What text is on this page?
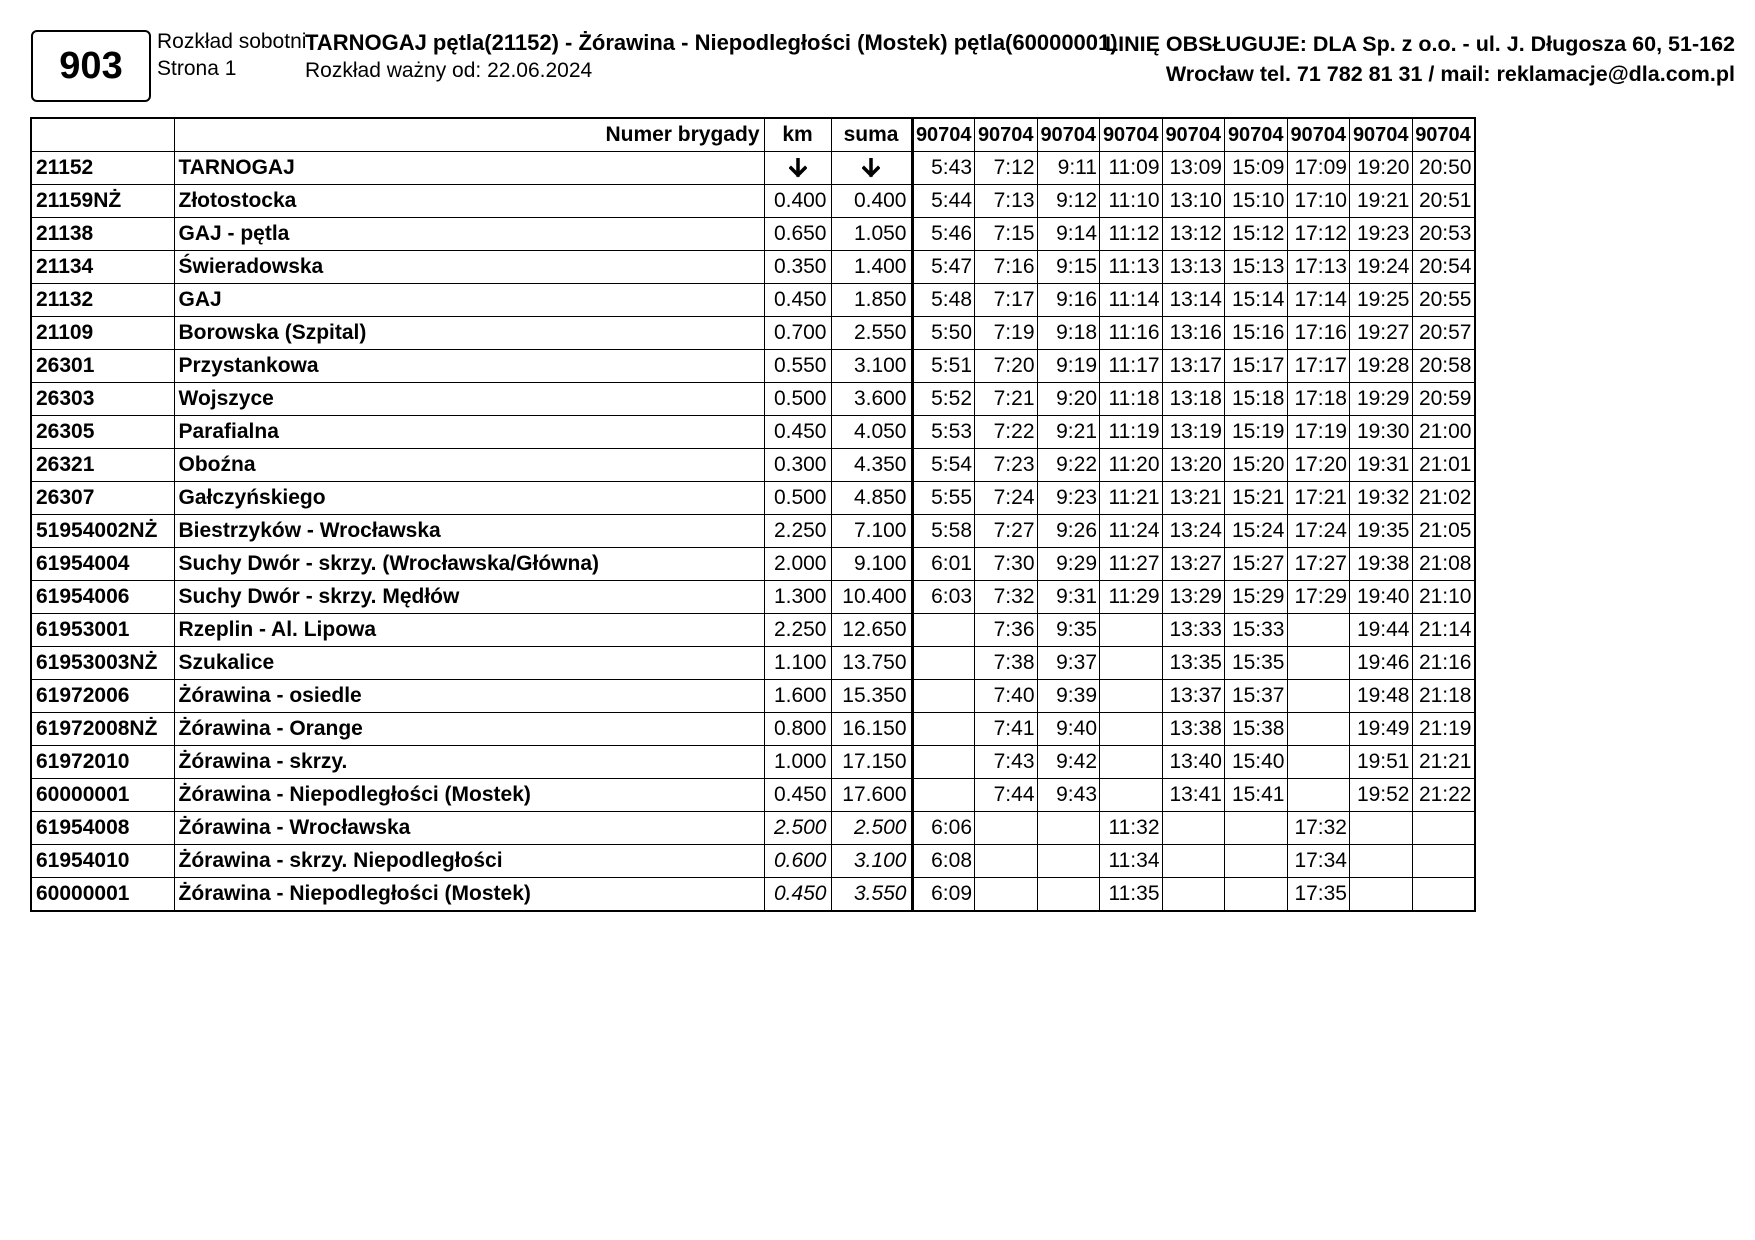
903
Rozkład sobotni
Strona 1
TARNOGAJ pętla(21152) - Żórawina - Niepodległości (Mostek) pętla(60000001)
Rozkład ważny od: 22.06.2024
LINIĘ OBSŁUGUJE: DLA Sp. z o.o. - ul. J. Długosza 60, 51-162
Wrocław tel. 71 782 81 31 / mail: reklamacje@dla.com.pl
	Numer brygady	km	suma	90704	90704	90704	90704	90704	90704	90704	90704	90704
21152	TARNOGAJ			5:43	7:12	9:11	11:09	13:09	15:09	17:09	19:20	20:50
21159NŻ	Złotostocka	0.400	0.400	5:44	7:13	9:12	11:10	13:10	15:10	17:10	19:21	20:51
21138	GAJ - pętla	0.650	1.050	5:46	7:15	9:14	11:12	13:12	15:12	17:12	19:23	20:53
21134	Świeradowska	0.350	1.400	5:47	7:16	9:15	11:13	13:13	15:13	17:13	19:24	20:54
21132	GAJ	0.450	1.850	5:48	7:17	9:16	11:14	13:14	15:14	17:14	19:25	20:55
21109	Borowska (Szpital)	0.700	2.550	5:50	7:19	9:18	11:16	13:16	15:16	17:16	19:27	20:57
26301	Przystankowa	0.550	3.100	5:51	7:20	9:19	11:17	13:17	15:17	17:17	19:28	20:58
26303	Wojszyce	0.500	3.600	5:52	7:21	9:20	11:18	13:18	15:18	17:18	19:29	20:59
26305	Parafialna	0.450	4.050	5:53	7:22	9:21	11:19	13:19	15:19	17:19	19:30	21:00
26321	Oboźna	0.300	4.350	5:54	7:23	9:22	11:20	13:20	15:20	17:20	19:31	21:01
26307	Gałczyńskiego	0.500	4.850	5:55	7:24	9:23	11:21	13:21	15:21	17:21	19:32	21:02
51954002NŻ	Biestrzyków - Wrocławska	2.250	7.100	5:58	7:27	9:26	11:24	13:24	15:24	17:24	19:35	21:05
61954004	Suchy Dwór - skrzy. (Wrocławska/Główna)	2.000	9.100	6:01	7:30	9:29	11:27	13:27	15:27	17:27	19:38	21:08
61954006	Suchy Dwór - skrzy. Mędłów	1.300	10.400	6:03	7:32	9:31	11:29	13:29	15:29	17:29	19:40	21:10
61953001	Rzeplin - Al. Lipowa	2.250	12.650		7:36	9:35		13:33	15:33		19:44	21:14
61953003NŻ	Szukalice	1.100	13.750		7:38	9:37		13:35	15:35		19:46	21:16
61972006	Żórawina - osiedle	1.600	15.350		7:40	9:39		13:37	15:37		19:48	21:18
61972008NŻ	Żórawina - Orange	0.800	16.150		7:41	9:40		13:38	15:38		19:49	21:19
61972010	Żórawina - skrzy.	1.000	17.150		7:43	9:42		13:40	15:40		19:51	21:21
60000001	Żórawina - Niepodległości (Mostek)	0.450	17.600		7:44	9:43		13:41	15:41		19:52	21:22
61954008	Żórawina - Wrocławska	2.500	2.500	6:06			11:32			17:32		
61954010	Żórawina - skrzy. Niepodległości	0.600	3.100	6:08			11:34			17:34		
60000001	Żórawina - Niepodległości (Mostek)	0.450	3.550	6:09			11:35			17:35		
